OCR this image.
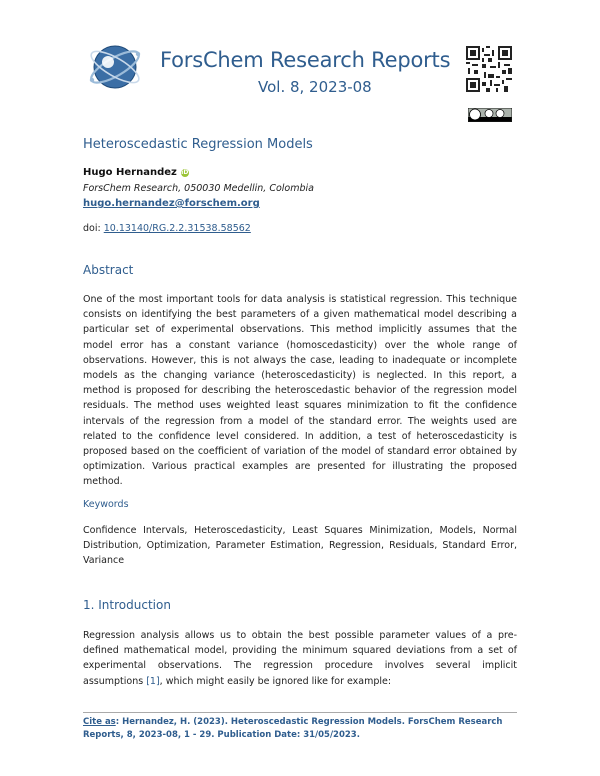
ForsChem Research Reports
Vol. 8, 2023-08
Heteroscedastic Regression Models
Hugo Hernandez iD
ForsChem Research, 050030 Medellin, Colombia
hugo.hernandez@forschem.org
doi: 10.13140/RG.2.2.31538.58562
Abstract
One of the most important tools for data analysis is statistical regression. This technique consists on identifying the best parameters of a given mathematical model describing a particular set of experimental observations. This method implicitly assumes that the model error has a constant variance (homoscedasticity) over the whole range of observations. However, this is not always the case, leading to inadequate or incomplete models as the changing variance (heteroscedasticity) is neglected. In this report, a method is proposed for describing the heteroscedastic behavior of the regression model residuals. The method uses weighted least squares minimization to fit the confidence intervals of the regression from a model of the standard error. The weights used are related to the confidence level considered. In addition, a test of heteroscedasticity is proposed based on the coefficient of variation of the model of standard error obtained by optimization. Various practical examples are presented for illustrating the proposed method.
Keywords
Confidence Intervals, Heteroscedasticity, Least Squares Minimization, Models, Normal Distribution, Optimization, Parameter Estimation, Regression, Residuals, Standard Error, Variance
1. Introduction
Regression analysis allows us to obtain the best possible parameter values of a pre-defined mathematical model, providing the minimum squared deviations from a set of experimental observations. The regression procedure involves several implicit assumptions [1], which might easily be ignored like for example:
Cite as: Hernandez, H. (2023). Heteroscedastic Regression Models. ForsChem Research Reports, 8, 2023-08, 1 - 29. Publication Date: 31/05/2023.
